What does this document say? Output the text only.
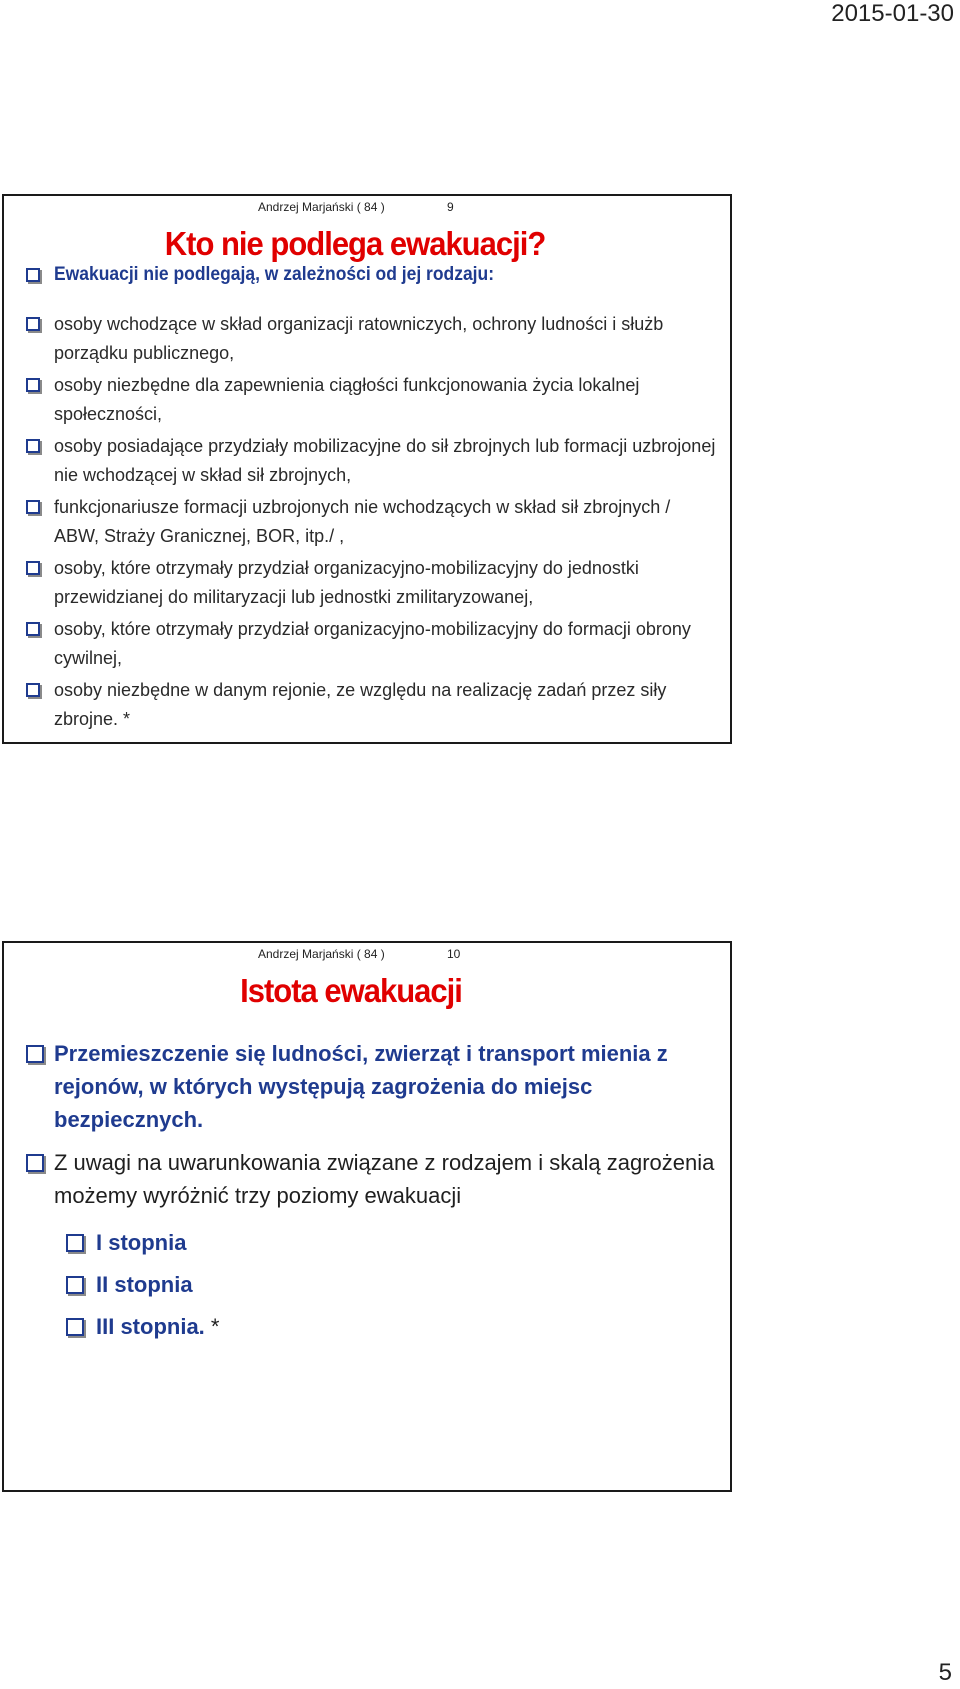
2015-01-30
Andrzej Marjański ( 84 )	9
Kto nie podlega ewakuacji?
Ewakuacji nie podlegają, w zależności od jej rodzaju:
osoby wchodzące w skład organizacji ratowniczych, ochrony ludności i służb porządku publicznego,
osoby niezbędne dla zapewnienia ciągłości funkcjonowania życia lokalnej społeczności,
osoby posiadające przydziały mobilizacyjne do sił zbrojnych lub formacji uzbrojonej nie wchodzącej w skład sił zbrojnych,
funkcjonariusze formacji uzbrojonych nie wchodzących w skład sił zbrojnych / ABW, Straży Granicznej, BOR, itp./ ,
osoby, które otrzymały przydział organizacyjno-mobilizacyjny do jednostki przewidzianej do militaryzacji lub jednostki zmilitaryzowanej,
osoby, które otrzymały przydział organizacyjno-mobilizacyjny do formacji obrony cywilnej,
osoby niezbędne w danym rejonie, ze względu na realizację zadań przez siły zbrojne. *
Andrzej Marjański ( 84 )	10
Istota ewakuacji
Przemieszczenie się ludności, zwierząt i transport mienia z rejonów, w których występują zagrożenia do miejsc bezpiecznych.
Z uwagi na uwarunkowania związane z rodzajem i skalą zagrożenia możemy wyróżnić trzy poziomy ewakuacji
I stopnia
II stopnia
III stopnia. *
5
